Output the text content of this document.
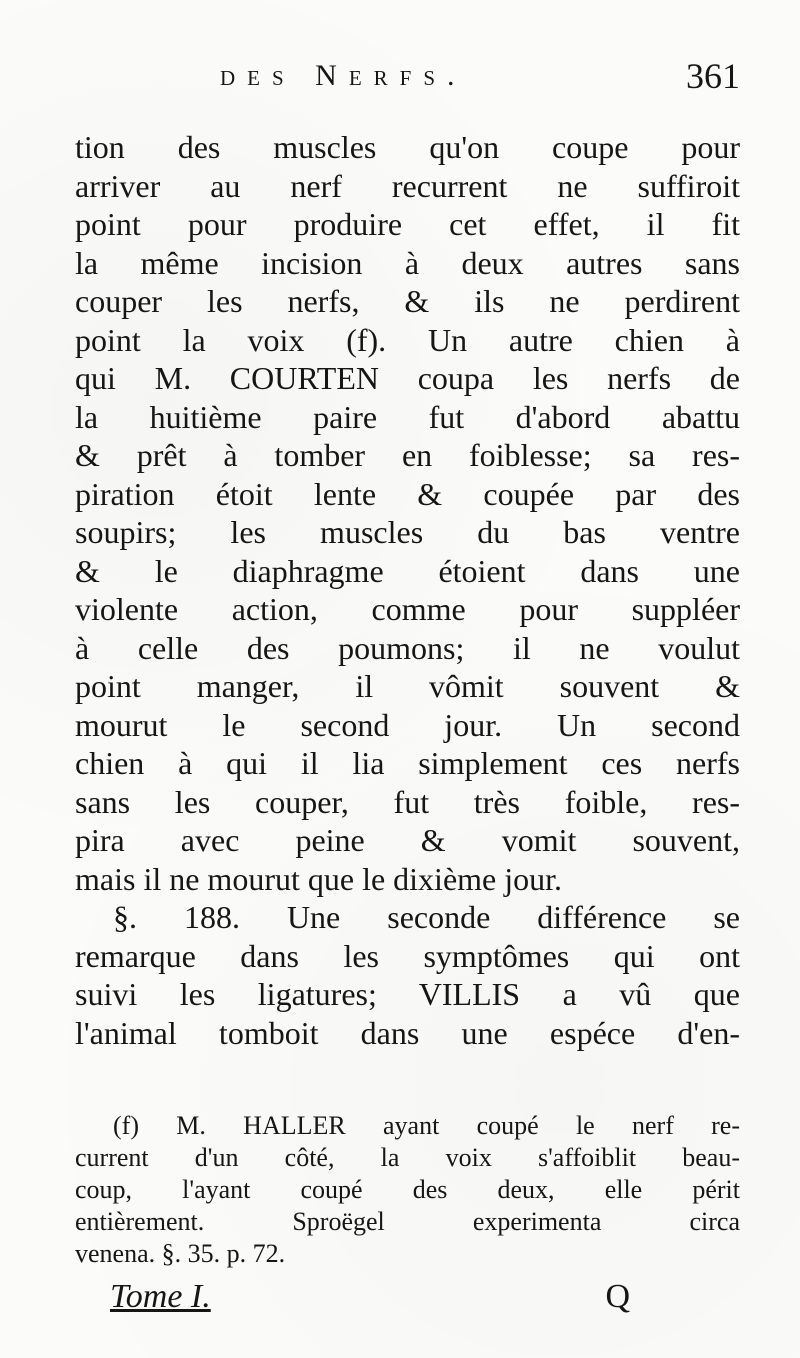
des Nerfs.	361
tion des muscles qu'on coupe pour
arriver au nerf recurrent ne suffiroit
point pour produire cet effet, il fit
la même incision à deux autres sans
couper les nerfs, & ils ne perdirent
point la voix (f). Un autre chien à
qui M. COURTEN coupa les nerfs de
la huitième paire fut d'abord abattu
& prêt à tomber en foiblesse; sa res-
piration étoit lente & coupée par des
soupirs; les muscles du bas ventre
& le diaphragme étoient dans une
violente action, comme pour suppléer
à celle des poumons; il ne voulut
point manger, il vômit souvent &
mourut le second jour. Un second
chien à qui il lia simplement ces nerfs
sans les couper, fut très foible, res-
pira avec peine & vomit souvent,
mais il ne mourut que le dixième jour.
§. 188. Une seconde différence se
remarque dans les symptômes qui ont
suivi les ligatures; VILLIS a vû que
l'animal tomboit dans une espéce d'en-
(f) M. HALLER ayant coupé le nerf re-
current d'un côté, la voix s'affoiblit beau-
coup, l'ayant coupé des deux, elle périt
entièrement. Sproëgel experimenta circa
venena. §. 35. p. 72.
Tome I.	Q
